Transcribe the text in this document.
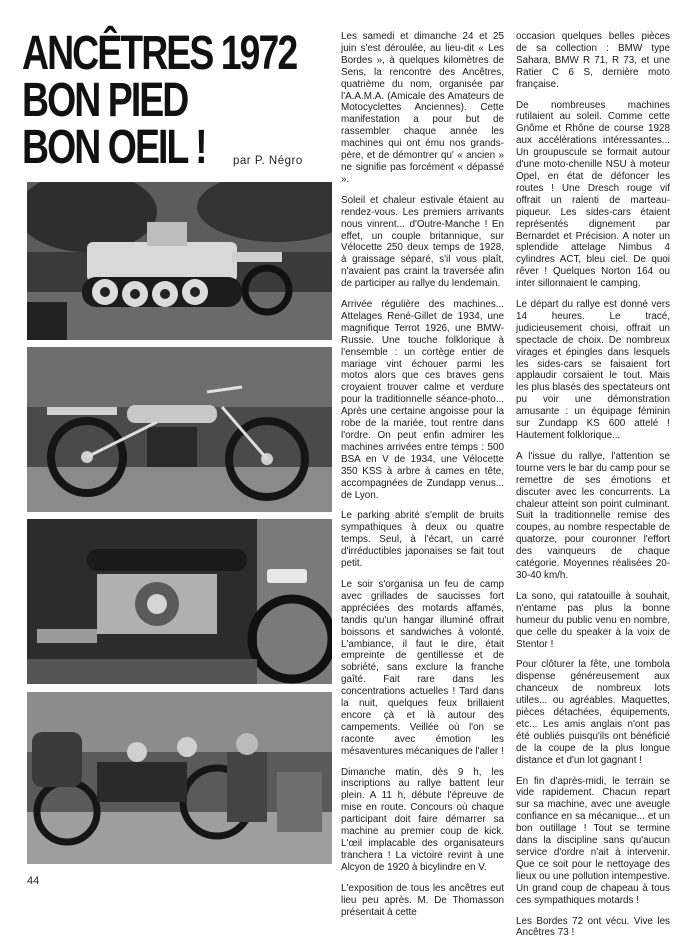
ANCÊTRES 1972
BON PIED
BON OEIL !	par P. Négro

Les samedi et dimanche 24 et 25 juin s'est déroulée, au lieu-dit « Les Bordes », à quelques kilomètres de Sens, la rencontre des Ancêtres, quatrième du nom, organisée par l'A.A.M.A. (Amicale des Amateurs de Motocyclettes Anciennes). Cette manifestation a pour but de rassembler chaque année les machines qui ont ému nos grands-père, et de démontrer qu' « ancien » ne signifie pas forcément « dépassé ».

Soleil et chaleur estivale étaient au rendez-vous. Les premiers arrivants nous vinrent... d'Outre-Manche ! En effet, un couple britannique, sur Vélocette 250 deux temps de 1928, à graissage séparé, s'il vous plaît, n'avaient pas craint la traversée afin de participer au rallye du lendemain.

Arrivée régulière des machines... Attelages René-Gillet de 1934, une magnifique Terrot 1926, une BMW-Russie. Une touche folklorique à l'ensemble : un cortège entier de mariage vint échouer parmi les motos alors que ces braves gens croyaient trouver calme et verdure pour la traditionnelle séance-photo... Après une certaine angoisse pour la robe de la mariée, tout rentre dans l'ordre. On peut enfin admirer les machines arrivées entre temps : 500 BSA en V de 1934, une Vélocette 350 KSS à arbre à cames en tête, accompagnées de Zundapp venus... de Lyon.

Le parking abrité s'emplit de bruits sympathiques à deux ou quatre temps. Seul, à l'écart, un carré d'irréductibles japonaises se fait tout petit.

Le soir s'organisa un feu de camp avec grillades de saucisses fort appréciées des motards affamés, tandis qu'un hangar illuminé offrait boissons et sandwiches à volonté. L'ambiance, il faut le dire, était empreinte de gentillesse et de sobriété, sans exclure la franche gaîté. Fait rare dans les concentrations actuelles ! Tard dans la nuit, quelques feux brillaient encore çà et là autour des campements. Veillée où l'on se raconte avec émotion les mésaventures mécaniques de l'aller !

Dimanche matin, dès 9 h, les inscriptions au rallye battent leur plein. A 11 h, débute l'épreuve de mise en route. Concours où chaque participant doit faire démarrer sa machine au premier coup de kick. L'œil implacable des organisateurs tranchera ! La victoire revint à une Alcyon de 1920 à bicylindre en V.

L'exposition de tous les ancêtres eut lieu peu après. M. De Thomasson présentait à cette

occasion quelques belles pièces de sa collection : BMW type Sahara, BMW R 71, R 73, et une Ratier C 6 S, dernière moto française.

De nombreuses machines rutilaient au soleil. Comme cette Gnôme et Rhône de course 1928 aux accélérations intéressantes... Un groupuscule se formait autour d'une moto-chenille NSU à moteur Opel, en état de défoncer les routes ! Une Dresch rouge vif offrait un ralenti de marteau-piqueur. Les sides-cars étaient représentés dignement par Bernardet et Précision. A noter un splendide attelage Nimbus 4 cylindres ACT, bleu ciel. De quoi rêver ! Quelques Norton 164 ou inter sillonnaient le camping.

Le départ du rallye est donné vers 14 heures. Le tracé, judicieusement choisi, offrait un spectacle de choix. De nombreux virages et épingles dans lesquels les sides-cars se faisaient fort applaudir corsaient le tout. Mais les plus blasés des spectateurs ont pu voir une démonstration amusante : un équipage féminin sur Zundapp KS 600 attelé ! Hautement folklorique...

A l'issue du rallye, l'attention se tourne vers le bar du camp pour se remettre de ses émotions et discuter avec les concurrents. La chaleur atteint son point culminant. Suit la traditionnelle remise des coupes, au nombre respectable de quatorze, pour couronner l'effort des vainqueurs de chaque catégorie. Moyennes réalisées 20-30-40 km/h.

La sono, qui ratatouille à souhait, n'entame pas plus la bonne humeur du public venu en nombre, que celle du speaker à la voix de Stentor !

Pour clôturer la fête, une tombola dispense généreusement aux chanceux de nombreux lots utiles... ou agréables. Maquettes, pièces détachées, équipements, etc... Les amis anglais n'ont pas été oubliés puisqu'ils ont bénéficié de la coupe de la plus longue distance et d'un lot gagnant !

En fin d'après-midi, le terrain se vide rapidement. Chacun repart sur sa machine, avec une aveugle confiance en sa mécanique... et un bon outillage ! Tout se termine dans la discipline sans qu'aucun service d'ordre n'ait à intervenir. Que ce soit pour le nettoyage des lieux ou une pollution intempestive. Un grand coup de chapeau à tous ces sympathiques motards !

Les Bordes 72 ont vécu. Vive les Ancêtres 73 !

44
